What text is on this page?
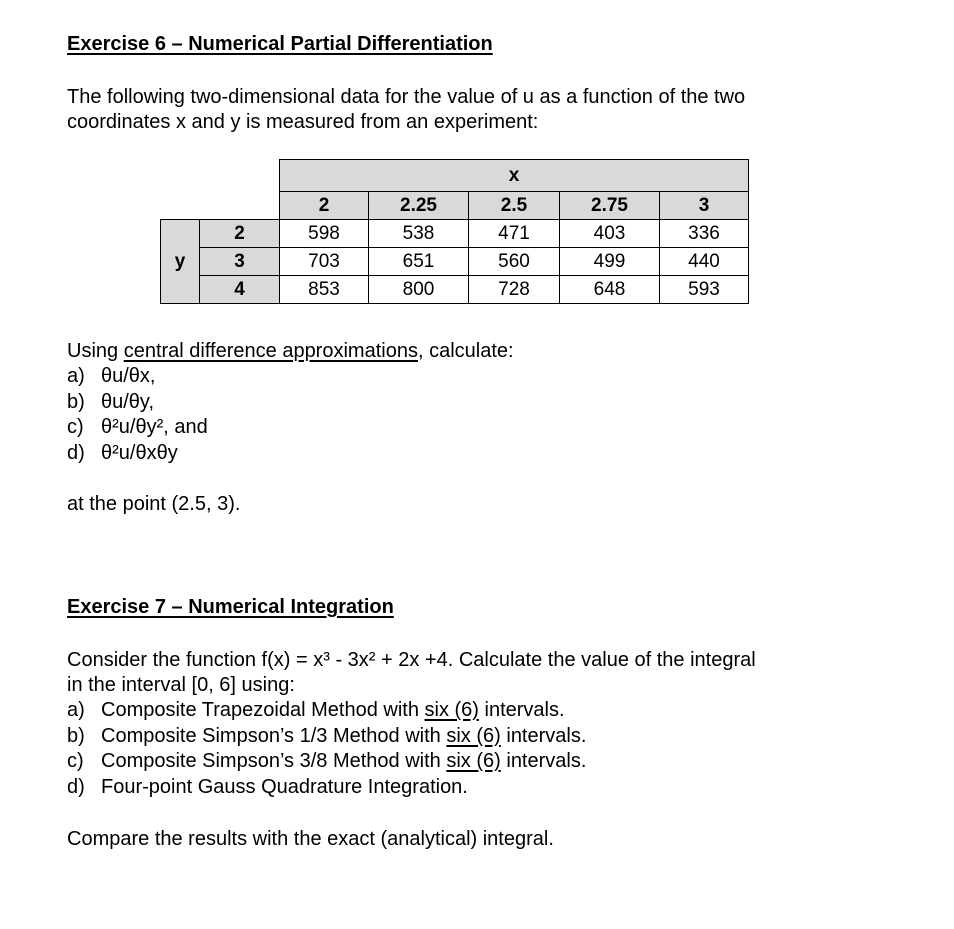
Exercise 6 – Numerical Partial Differentiation
The following two-dimensional data for the value of u as a function of the two
coordinates x and y is measured from an experiment:
		x				
		2	2.25	2.5	2.75	3
y	2	598	538	471	403	336
	3	703	651	560	499	440
	4	853	800	728	648	593
Using central difference approximations, calculate:
a) θu/θx,
b) θu/θy,
c) θ²u/θy², and
d) θ²u/θxθy
at the point (2.5, 3).
Exercise 7 – Numerical Integration
Consider the function f(x) = x³ - 3x² + 2x +4. Calculate the value of the integral
in the interval [0, 6] using:
a) Composite Trapezoidal Method with six (6) intervals.
b) Composite Simpson’s 1/3 Method with six (6) intervals.
c) Composite Simpson’s 3/8 Method with six (6) intervals.
d) Four-point Gauss Quadrature Integration.
Compare the results with the exact (analytical) integral.
